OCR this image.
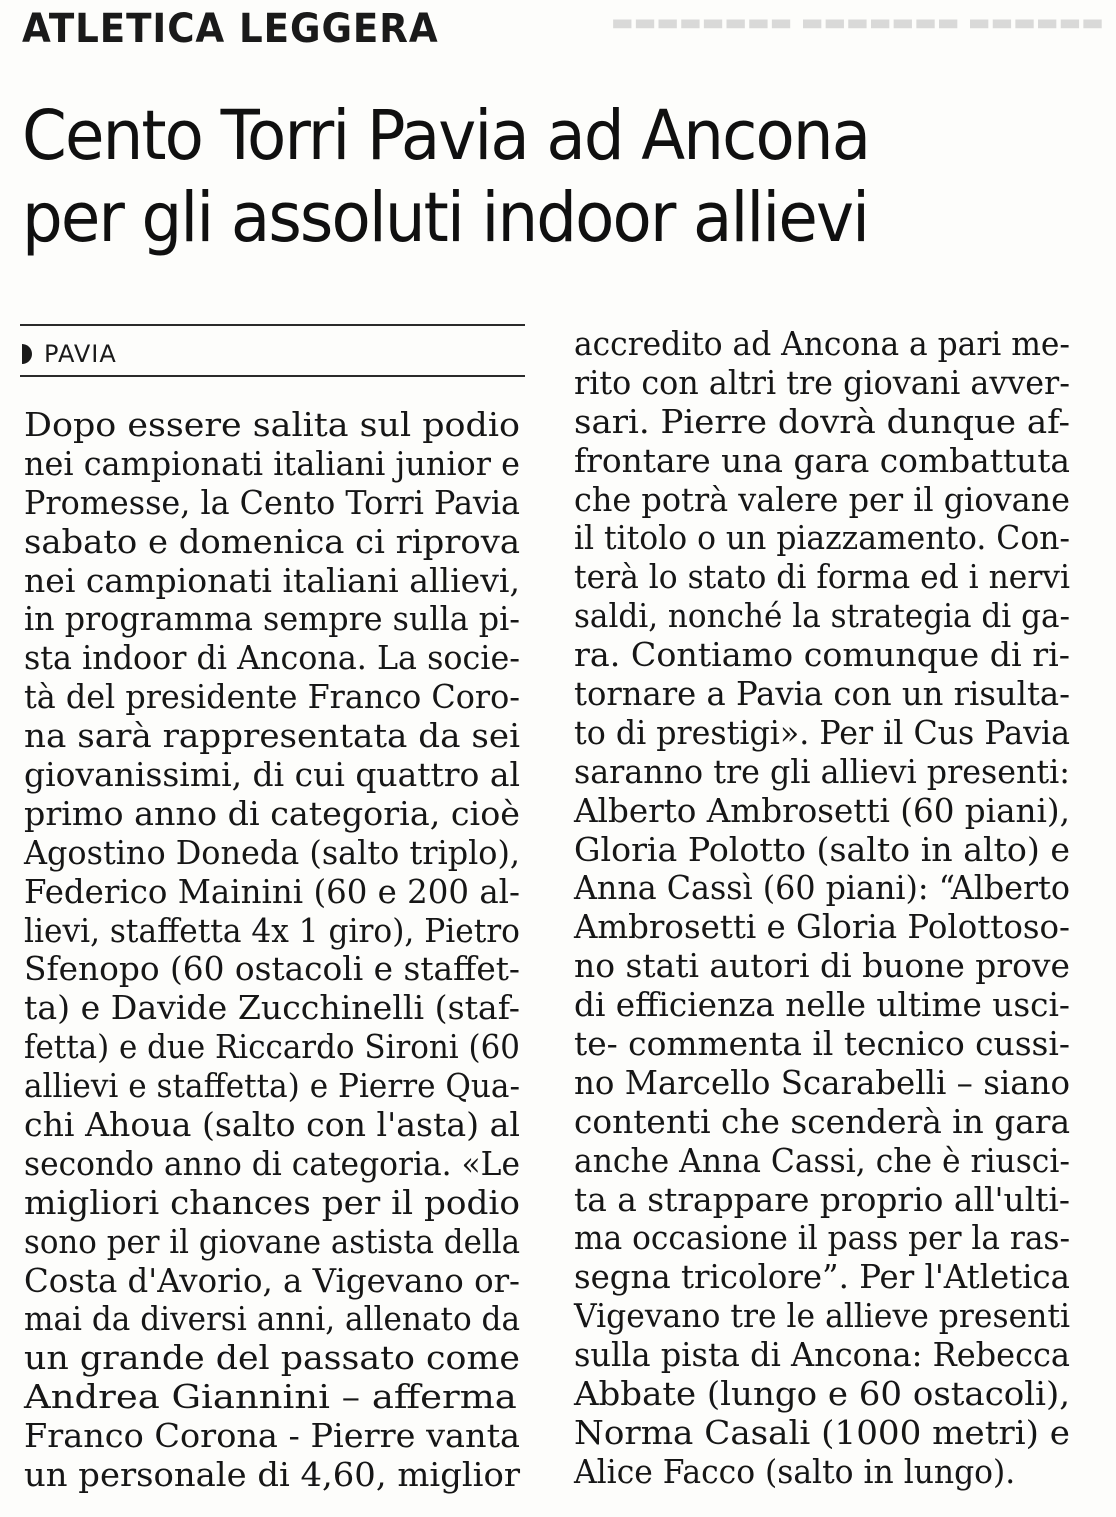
▬▬▬▬▬▬ ▬▬▬▬▬▬▬ ▬▬▬▬▬▬▬▬
ATLETICA LEGGERA
Cento Torri Pavia ad Ancona
per gli assoluti indoor allievi
PAVIA
Dopo essere salita sul podio
nei campionati italiani junior e
Promesse, la Cento Torri Pavia
sabato e domenica ci riprova
nei campionati italiani allievi,
in programma sempre sulla pi-
sta indoor di Ancona. La socie-
tà del presidente Franco Coro-
na sarà rappresentata da sei
giovanissimi, di cui quattro al
primo anno di categoria, cioè
Agostino Doneda (salto triplo),
Federico Mainini (60 e 200 al-
lievi, staffetta 4x 1 giro), Pietro
Sfenopo (60 ostacoli e staffet-
ta) e Davide Zucchinelli (staf-
fetta) e due Riccardo Sironi (60
allievi e staffetta) e Pierre Qua-
chi Ahoua (salto con l'asta) al
secondo anno di categoria. «Le
migliori chances per il podio
sono per il giovane astista della
Costa d'Avorio, a Vigevano or-
mai da diversi anni, allenato da
un grande del passato come
Andrea Giannini – afferma
Franco Corona - Pierre vanta
un personale di 4,60, miglior
accredito ad Ancona a pari me-
rito con altri tre giovani avver-
sari. Pierre dovrà dunque af-
frontare una gara combattuta
che potrà valere per il giovane
il titolo o un piazzamento. Con-
terà lo stato di forma ed i nervi
saldi, nonché la strategia di ga-
ra. Contiamo comunque di ri-
tornare a Pavia con un risulta-
to di prestigi». Per il Cus Pavia
saranno tre gli allievi presenti:
Alberto Ambrosetti (60 piani),
Gloria Polotto (salto in alto) e
Anna Cassì (60 piani): “Alberto
Ambrosetti e Gloria Polottoso-
no stati autori di buone prove
di efficienza nelle ultime usci-
te- commenta il tecnico cussi-
no Marcello Scarabelli – siano
contenti che scenderà in gara
anche Anna Cassi, che è riusci-
ta a strappare proprio all'ulti-
ma occasione il pass per la ras-
segna tricolore”. Per l'Atletica
Vigevano tre le allieve presenti
sulla pista di Ancona: Rebecca
Abbate (lungo e 60 ostacoli),
Norma Casali (1000 metri) e
Alice Facco (salto in lungo).
